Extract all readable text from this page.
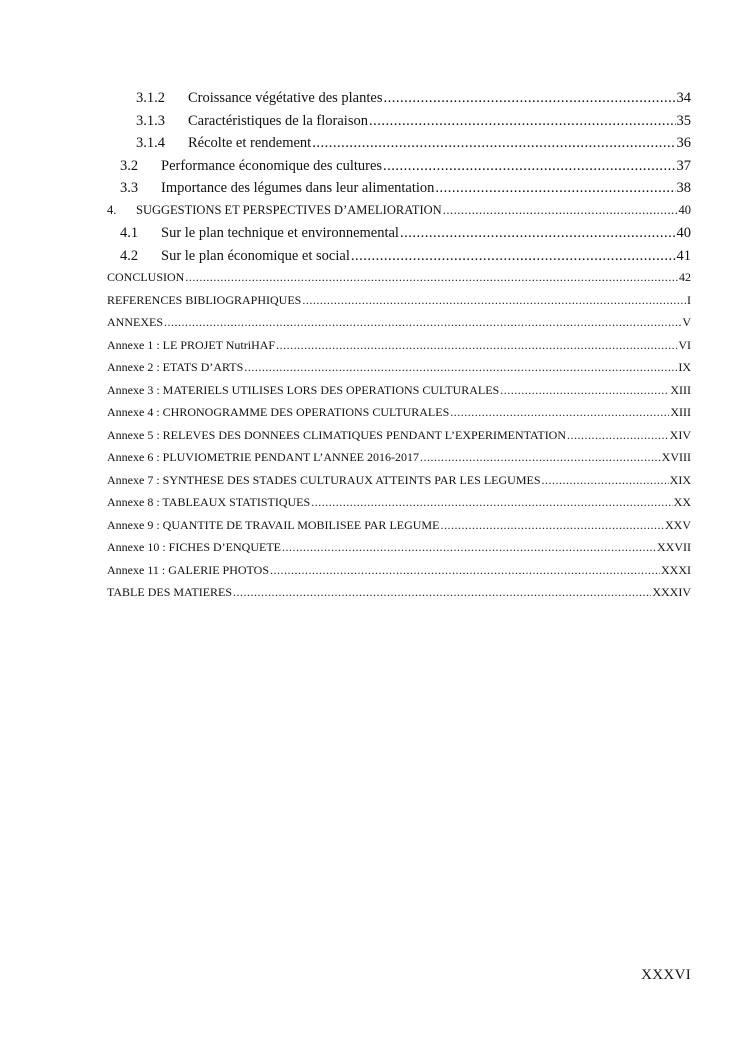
3.1.2	Croissance végétative des plantes .....	34
3.1.3	Caractéristiques de la floraison .....	35
3.1.4	Récolte et rendement .....	36
3.2	Performance économique des cultures .....	37
3.3	Importance des légumes dans leur alimentation .....	38
4.	SUGGESTIONS ET PERSPECTIVES D’AMELIORATION .....	40
4.1	Sur le plan technique et environnemental .....	40
4.2	Sur le plan économique et social .....	41
CONCLUSION .....	42
REFERENCES BIBLIOGRAPHIQUES .....	I
ANNEXES .....	V
Annexe 1 : LE PROJET NutriHAF .....	VI
Annexe 2 : ETATS D’ARTS .....	IX
Annexe 3 : MATERIELS UTILISES LORS DES OPERATIONS CULTURALES .....	XIII
Annexe 4 : CHRONOGRAMME DES OPERATIONS CULTURALES .....	XIII
Annexe 5 : RELEVES DES DONNEES CLIMATIQUES PENDANT L’EXPERIMENTATION .....	XIV
Annexe 6 : PLUVIOMETRIE PENDANT L’ANNEE 2016-2017 .....	XVIII
Annexe 7 : SYNTHESE DES STADES CULTURAUX ATTEINTS PAR LES LEGUMES .....	XIX
Annexe 8 : TABLEAUX STATISTIQUES .....	XX
Annexe 9 : QUANTITE DE TRAVAIL MOBILISEE PAR LEGUME .....	XXV
Annexe 10 : FICHES D’ENQUETE .....	XXVII
Annexe 11 : GALERIE PHOTOS .....	XXXI
TABLE DES MATIERES .....	XXXIV
XXXVI
